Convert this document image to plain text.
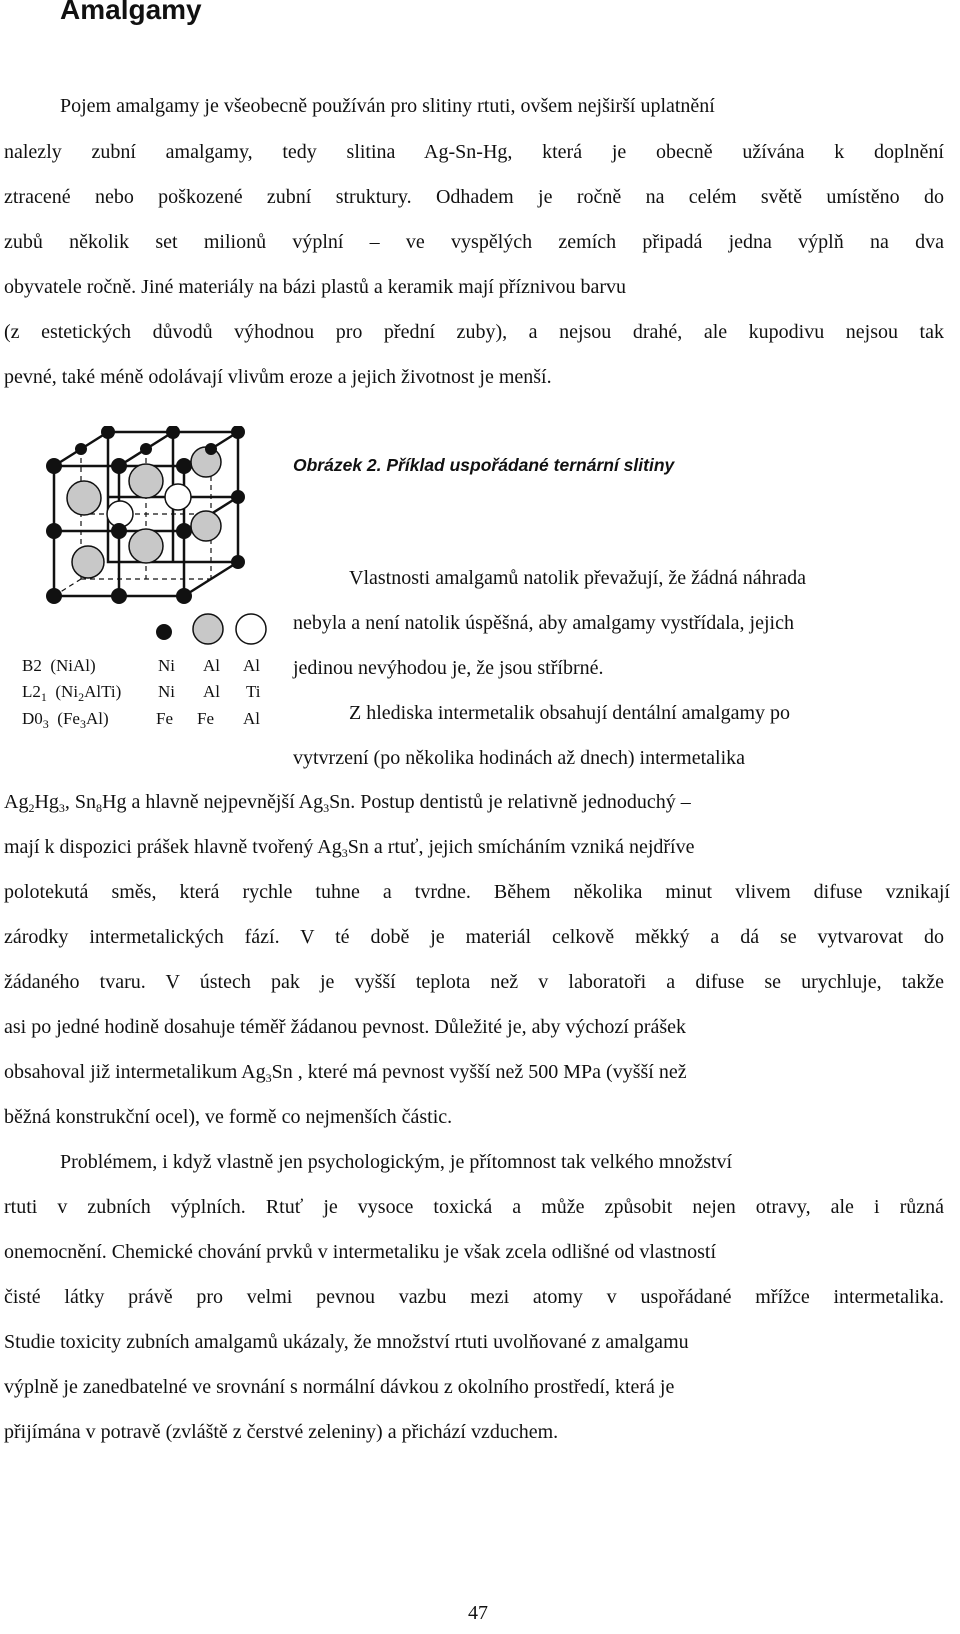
Amalgamy
Pojem amalgamy je všeobecně používán pro slitiny rtuti, ovšem nejširší uplatnění
nalezly zubní amalgamy, tedy slitina Ag-Sn-Hg, která je obecně užívána k doplnění
ztracené nebo poškozené zubní struktury. Odhadem je ročně na celém světě umístěno do
zubů několik set milionů výplní – ve vyspělých zemích připadá jedna výplň na dva
obyvatele ročně. Jiné materiály na bázi plastů a keramik mají příznivou barvu
(z estetických důvodů výhodnou pro přední zuby), a nejsou drahé, ale kupodivu nejsou tak
pevné, také méně odolávají vlivům eroze a jejich životnost je menší.
Obrázek 2. Příklad uspořádané ternární slitiny
B2 (NiAl)
$L2_1$ $(Ni_2AlTi)$
$D0_3$ $(Fe_3Al)$
Ni Al Al
Ni Al Ti
Fe Fe Al
Vlastnosti amalgamů natolik převažují, že žádná náhrada
nebyla a není natolik úspěšná, aby amalgamy vystřídala, jejich
jedinou nevýhodou je, že jsou stříbrné.
Z hlediska intermetalik obsahují dentální amalgamy po
vytvrzení (po několika hodinách až dnech) intermetalika
$Ag_2Hg_3$, $Sn_8Hg$ a hlavně nejpevnější $Ag_3Sn$. Postup dentistů je relativně jednoduchý –
mají k dispozici prášek hlavně tvořený $Ag_3Sn$ a rtuť, jejich smícháním vzniká nejdříve
polotekutá směs, která rychle tuhne a tvrdne. Během několika minut vlivem difuse vznikají
zárodky intermetalických fází. V té době je materiál celkově měkký a dá se vytvarovat do
žádaného tvaru. V ústech pak je vyšší teplota než v laboratoři a difuse se urychluje, takže
asi po jedné hodině dosahuje téměř žádanou pevnost. Důležité je, aby výchozí prášek
obsahoval již intermetalikum $Ag_3Sn$ , které má pevnost vyšší než 500 MPa (vyšší než
běžná konstrukční ocel), ve formě co nejmenších částic.
Problémem, i když vlastně jen psychologickým, je přítomnost tak velkého množství
rtuti v zubních výplních. Rtuť je vysoce toxická a může způsobit nejen otravy, ale i různá
onemocnění. Chemické chování prvků v intermetaliku je však zcela odlišné od vlastností
čisté látky právě pro velmi pevnou vazbu mezi atomy v uspořádané mřížce intermetalika.
Studie toxicity zubních amalgamů ukázaly, že množství rtuti uvolňované z amalgamu
výplně je zanedbatelné ve srovnání s normální dávkou z okolního prostředí, která je
přijímána v potravě (zvláště z čerstvé zeleniny) a přichází vzduchem.
47
